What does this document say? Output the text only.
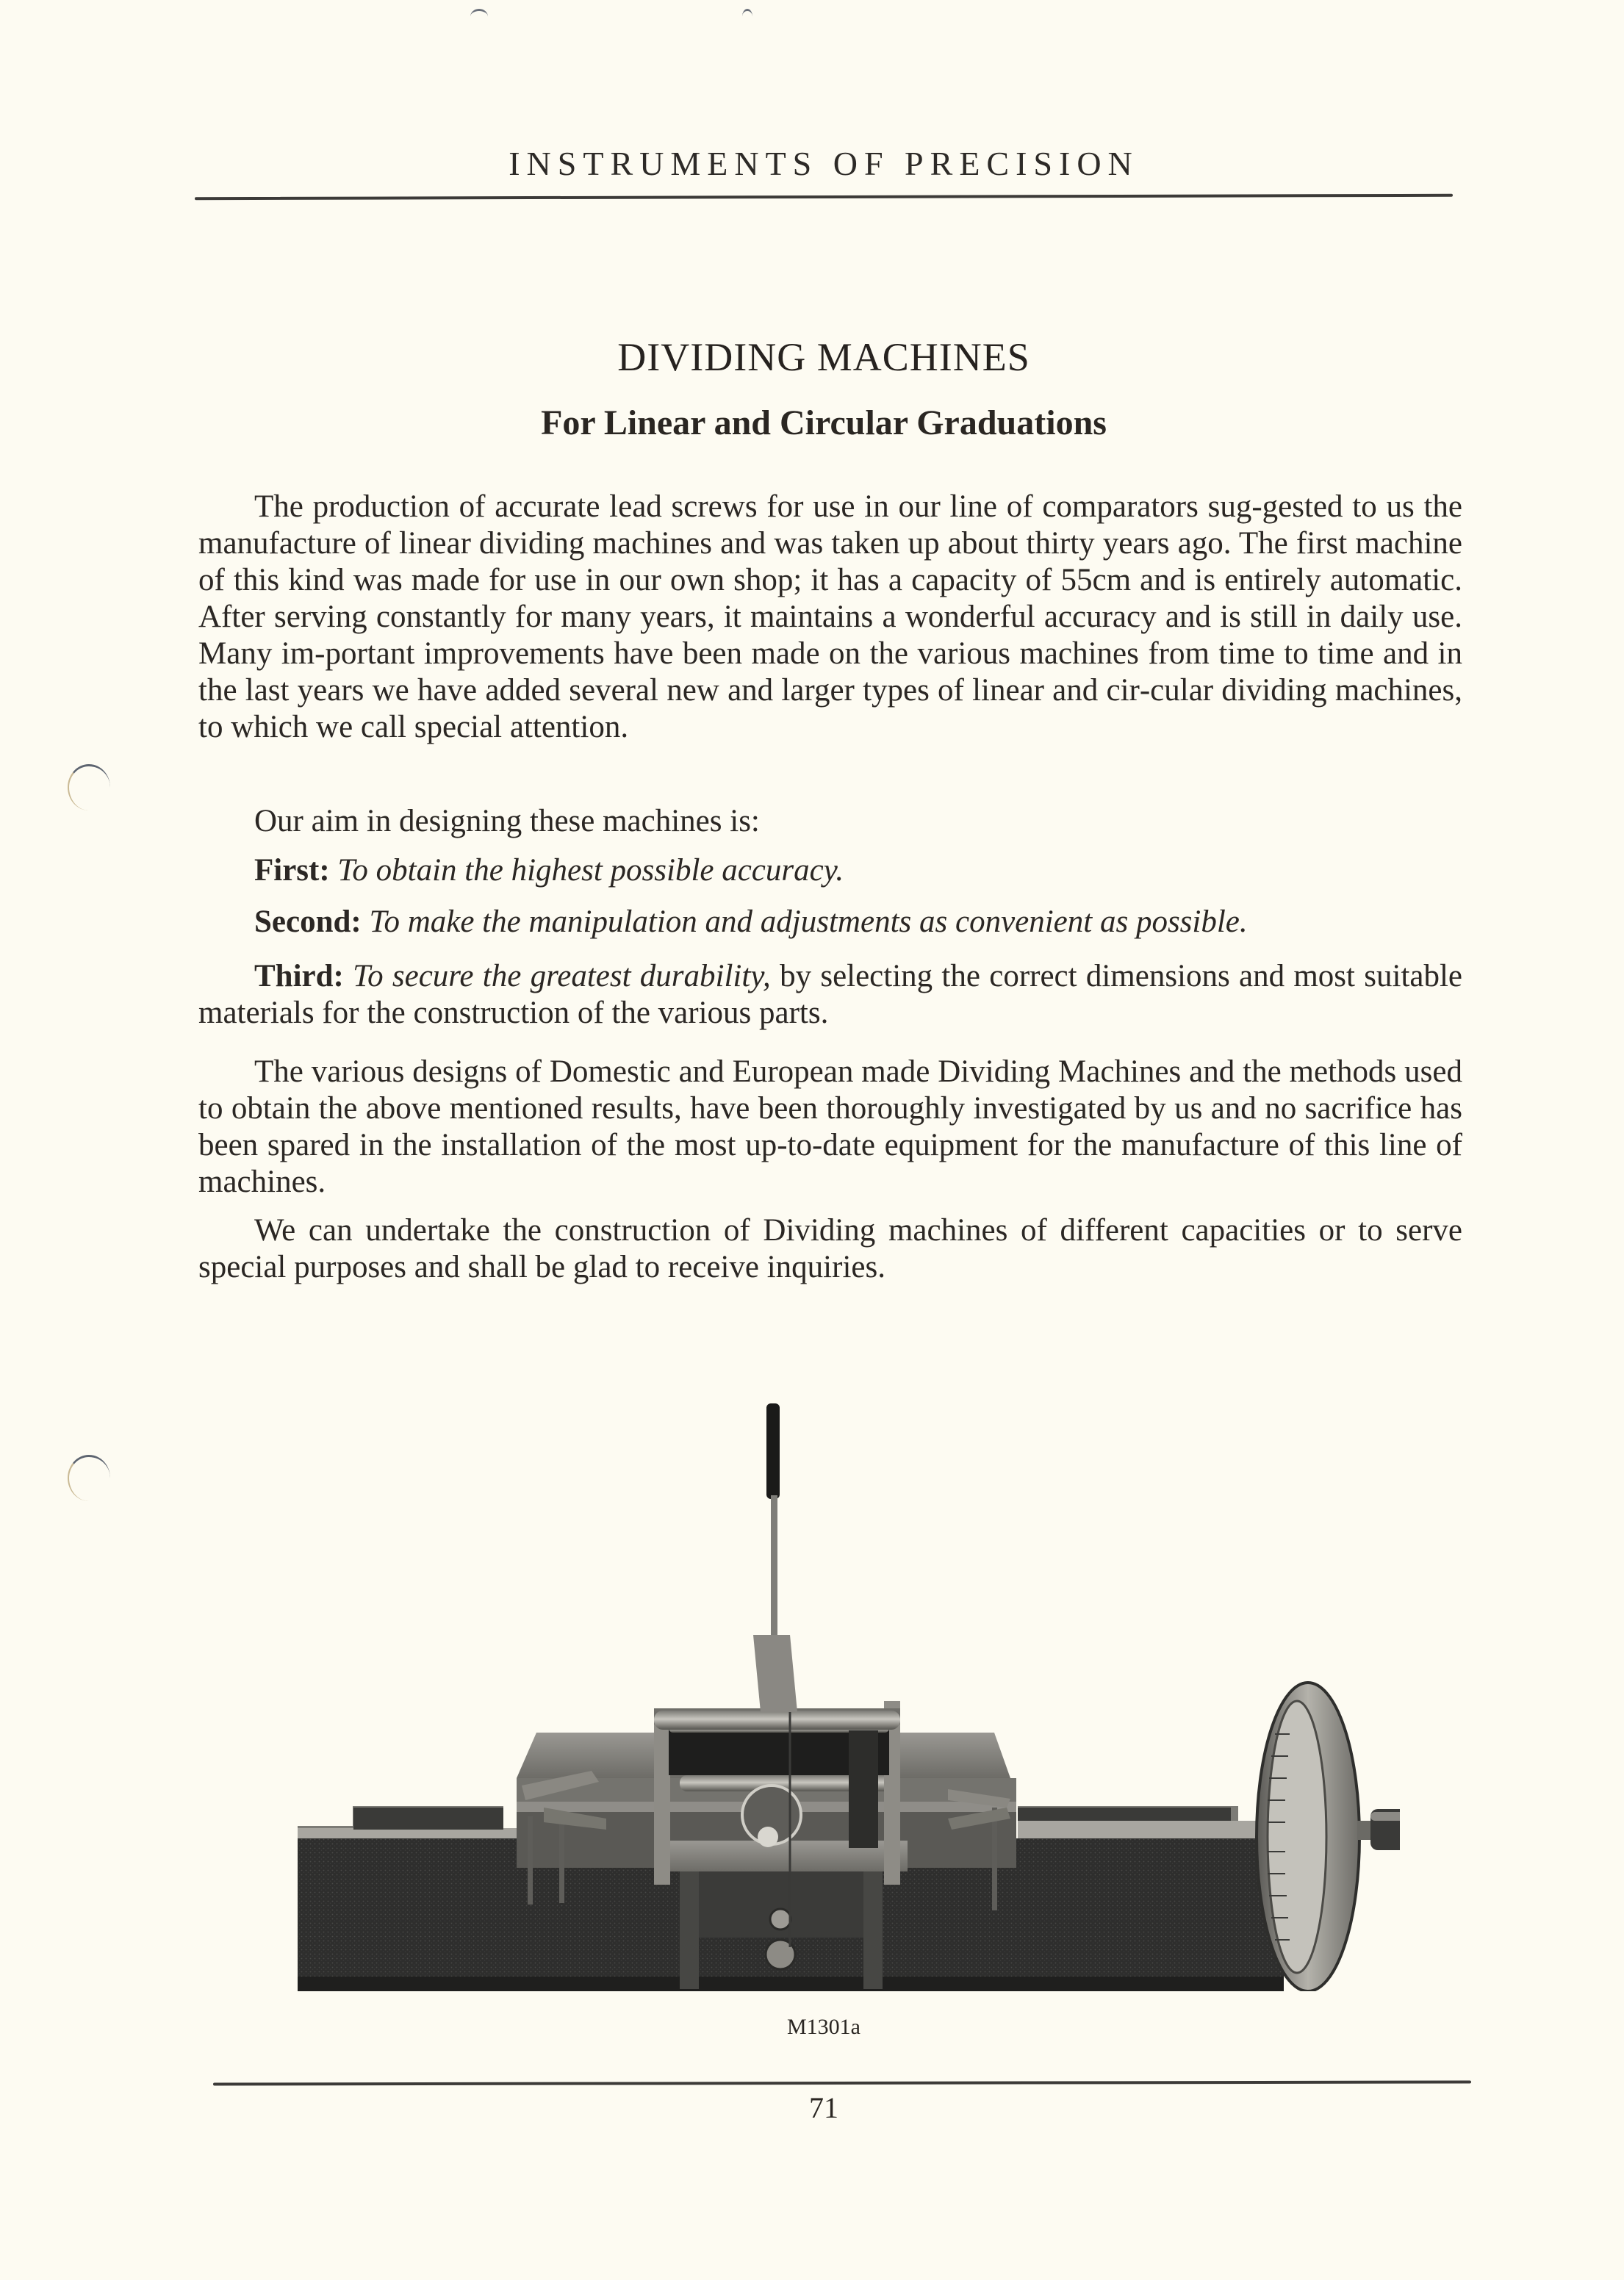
INSTRUMENTS OF PRECISION
DIVIDING MACHINES
For Linear and Circular Graduations

The production of accurate lead screws for use in our line of comparators sug‐gested to us the manufacture of linear dividing machines and was taken up about thirty years ago. The first machine of this kind was made for use in our own shop; it has a capacity of 55cm and is entirely automatic. After serving constantly for many years, it maintains a wonderful accuracy and is still in daily use. Many im‐portant improvements have been made on the various machines from time to time and in the last years we have added several new and larger types of linear and cir‐cular dividing machines, to which we call special attention.

Our aim in designing these machines is:

First: To obtain the highest possible accuracy.

Second: To make the manipulation and adjustments as convenient as possible.

Third: To secure the greatest durability, by selecting the correct dimensions and most suitable materials for the construction of the various parts.

The various designs of Domestic and European made Dividing Machines and the methods used to obtain the above mentioned results, have been thoroughly investigated by us and no sacrifice has been spared in the installation of the most up-to-date equipment for the manufacture of this line of machines.

We can undertake the construction of Dividing machines of different capacities or to serve special purposes and shall be glad to receive inquiries.

M1301a
71
